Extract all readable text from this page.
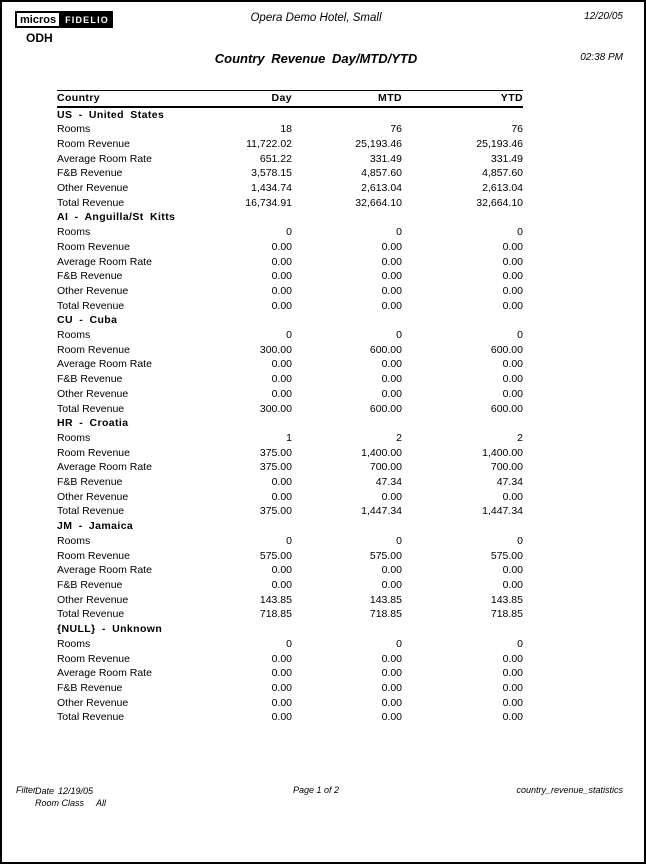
micros	FIDELIO
ODH
Opera Demo Hotel, Small
Country Revenue Day/MTD/YTD
12/20/05
02:38 PM
Country	Day	MTD	YTD
US - United States			
Rooms	18	76	76
Room Revenue	11,722.02	25,193.46	25,193.46
Average Room Rate	651.22	331.49	331.49
F&B Revenue	3,578.15	4,857.60	4,857.60
Other Revenue	1,434.74	2,613.04	2,613.04
Total Revenue	16,734.91	32,664.10	32,664.10
AI - Anguilla/St Kitts			
Rooms	0	0	0
Room Revenue	0.00	0.00	0.00
Average Room Rate	0.00	0.00	0.00
F&B Revenue	0.00	0.00	0.00
Other Revenue	0.00	0.00	0.00
Total Revenue	0.00	0.00	0.00
CU - Cuba			
Rooms	0	0	0
Room Revenue	300.00	600.00	600.00
Average Room Rate	0.00	0.00	0.00
F&B Revenue	0.00	0.00	0.00
Other Revenue	0.00	0.00	0.00
Total Revenue	300.00	600.00	600.00
HR - Croatia			
Rooms	1	2	2
Room Revenue	375.00	1,400.00	1,400.00
Average Room Rate	375.00	700.00	700.00
F&B Revenue	0.00	47.34	47.34
Other Revenue	0.00	0.00	0.00
Total Revenue	375.00	1,447.34	1,447.34
JM - Jamaica			
Rooms	0	0	0
Room Revenue	575.00	575.00	575.00
Average Room Rate	0.00	0.00	0.00
F&B Revenue	0.00	0.00	0.00
Other Revenue	143.85	143.85	143.85
Total Revenue	718.85	718.85	718.85
{NULL} - Unknown			
Rooms	0	0	0
Room Revenue	0.00	0.00	0.00
Average Room Rate	0.00	0.00	0.00
F&B Revenue	0.00	0.00	0.00
Other Revenue	0.00	0.00	0.00
Total Revenue	0.00	0.00	0.00
Filter Date 12/19/05
Room Class All
Page 1 of 2	country_revenue_statistics
